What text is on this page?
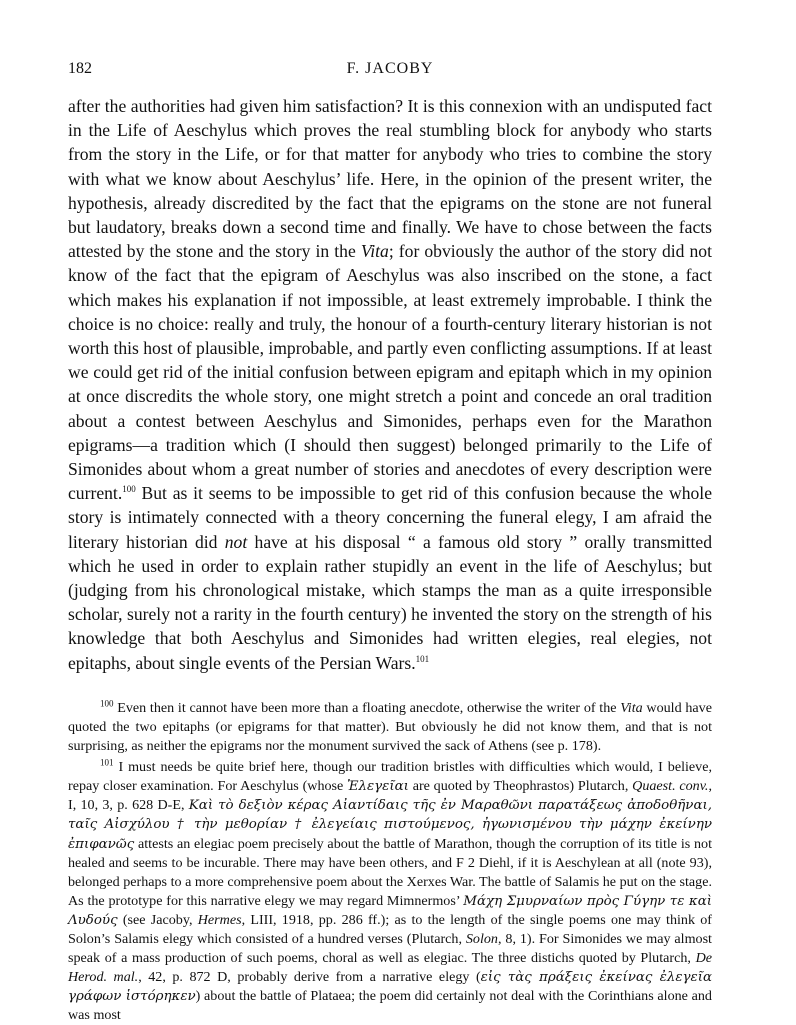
182	F. JACOBY

after the authorities had given him satisfaction? It is this connexion with an undisputed fact in the Life of Aeschylus which proves the real stumbling block for anybody who starts from the story in the Life, or for that matter for anybody who tries to combine the story with what we know about Aeschylus’ life. Here, in the opinion of the present writer, the hypothesis, already discredited by the fact that the epigrams on the stone are not funeral but laudatory, breaks down a second time and finally. We have to chose between the facts attested by the stone and the story in the Vita; for obviously the author of the story did not know of the fact that the epigram of Aeschylus was also inscribed on the stone, a fact which makes his explanation if not impossible, at least extremely improbable. I think the choice is no choice: really and truly, the honour of a fourth-century literary historian is not worth this host of plausible, improbable, and partly even conflicting assumptions. If at least we could get rid of the initial confusion between epigram and epitaph which in my opinion at once discredits the whole story, one might stretch a point and concede an oral tradition about a contest between Aeschylus and Simonides, perhaps even for the Marathon epigrams—a tradition which (I should then suggest) belonged primarily to the Life of Simonides about whom a great number of stories and anecdotes of every description were current.$^{100}$ But as it seems to be impossible to get rid of this confusion because the whole story is intimately connected with a theory concerning the funeral elegy, I am afraid the literary historian did not have at his disposal “ a famous old story ” orally transmitted which he used in order to explain rather stupidly an event in the life of Aeschylus; but (judging from his chronological mistake, which stamps the man as a quite irresponsible scholar, surely not a rarity in the fourth century) he invented the story on the strength of his knowledge that both Aeschylus and Simonides had written elegies, real elegies, not epitaphs, about single events of the Persian Wars.$^{101}$

$^{100}$ Even then it cannot have been more than a floating anecdote, otherwise the writer of the Vita would have quoted the two epitaphs (or epigrams for that matter). But obviously he did not know them, and that is not surprising, as neither the epigrams nor the monument survived the sack of Athens (see p. 178).

$^{101}$ I must needs be quite brief here, though our tradition bristles with difficulties which would, I believe, repay closer examination. For Aeschylus (whose Ἐλεγεῖαι are quoted by Theophrastos) Plutarch, Quaest. conv., I, 10, 3, p. 628 D-E, Καὶ τὸ δεξιὸν κέρας Αἰαντίδαις τῆς ἐν Μαραθῶνι παρατάξεως ἀποδοθῆναι, ταῖς Αἰσχύλου † τὴν μεθορίαν † ἐλεγείαις πιστούμενος, ἠγωνισμένου τὴν μάχην ἐκείνην ἐπιφανῶς attests an elegiac poem precisely about the battle of Marathon, though the corruption of its title is not healed and seems to be incurable. There may have been others, and F 2 Diehl, if it is Aeschylean at all (note 93), belonged perhaps to a more comprehensive poem about the Xerxes War. The battle of Salamis he put on the stage. As the prototype for this narrative elegy we may regard Mimnermos’ Μάχη Σμυρναίων πρὸς Γύγην τε καὶ Λυδούς (see Jacoby, Hermes, LIII, 1918, pp. 286 ff.); as to the length of the single poems one may think of Solon’s Salamis elegy which consisted of a hundred verses (Plutarch, Solon, 8, 1). For Simonides we may almost speak of a mass production of such poems, choral as well as elegiac. The three distichs quoted by Plutarch, De Herod. mal., 42, p. 872 D, probably derive from a narrative elegy (εἰς τὰς πράξεις ἐκείνας ἐλεγεῖα γράφων ἱστόρηκεν) about the battle of Plataea; the poem did certainly not deal with the Corinthians alone and was most
